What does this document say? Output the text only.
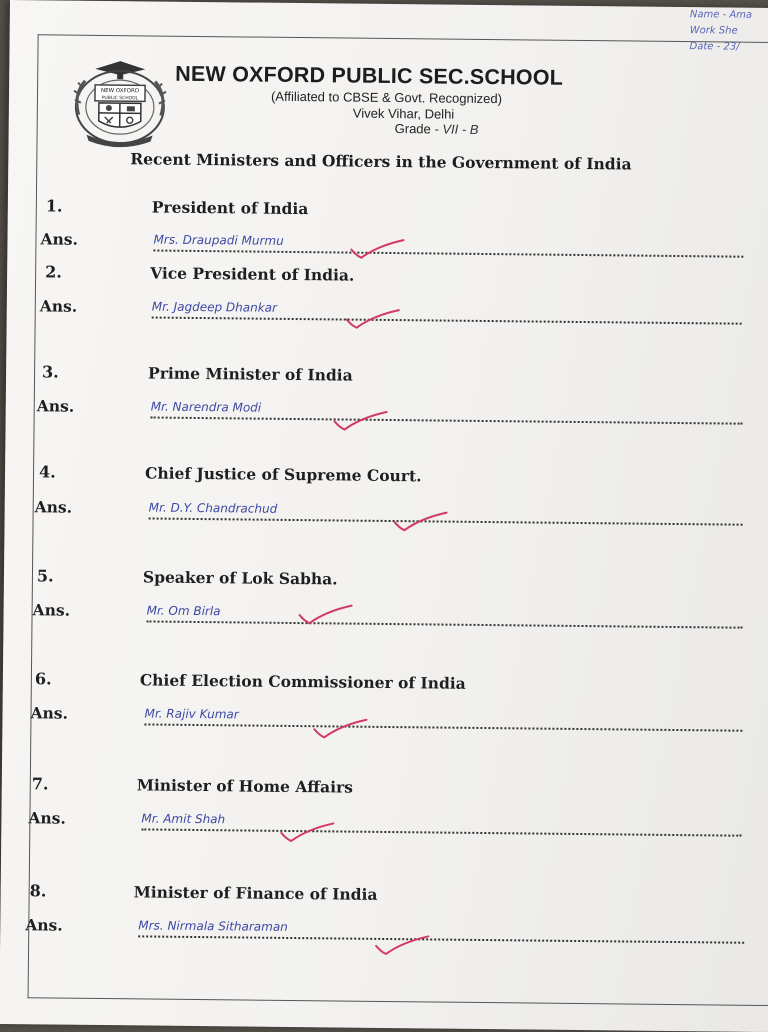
Name - Ama
Work She
Date - 23/
NEW OXFORD
PUBLIC SCHOOL
NEW OXFORD PUBLIC SEC.SCHOOL
(Affiliated to CBSE & Govt. Recognized)
Vivek Vihar, Delhi
Grade - VII - B
Recent Ministers and Officers in the Government of India
1.	President of India
Ans.	Mrs. Draupadi Murmu
2.	Vice President of India.
Ans.	Mr. Jagdeep Dhankar
3.	Prime Minister of India
Ans.	Mr. Narendra Modi
4.	Chief Justice of Supreme Court.
Ans.	Mr. D.Y. Chandrachud
5.	Speaker of Lok Sabha.
Ans.	Mr. Om Birla
6.	Chief Election Commissioner of India
Ans.	Mr. Rajiv Kumar
7.	Minister of Home Affairs
Ans.	Mr. Amit Shah
8.	Minister of Finance of India
Ans.	Mrs. Nirmala Sitharaman
